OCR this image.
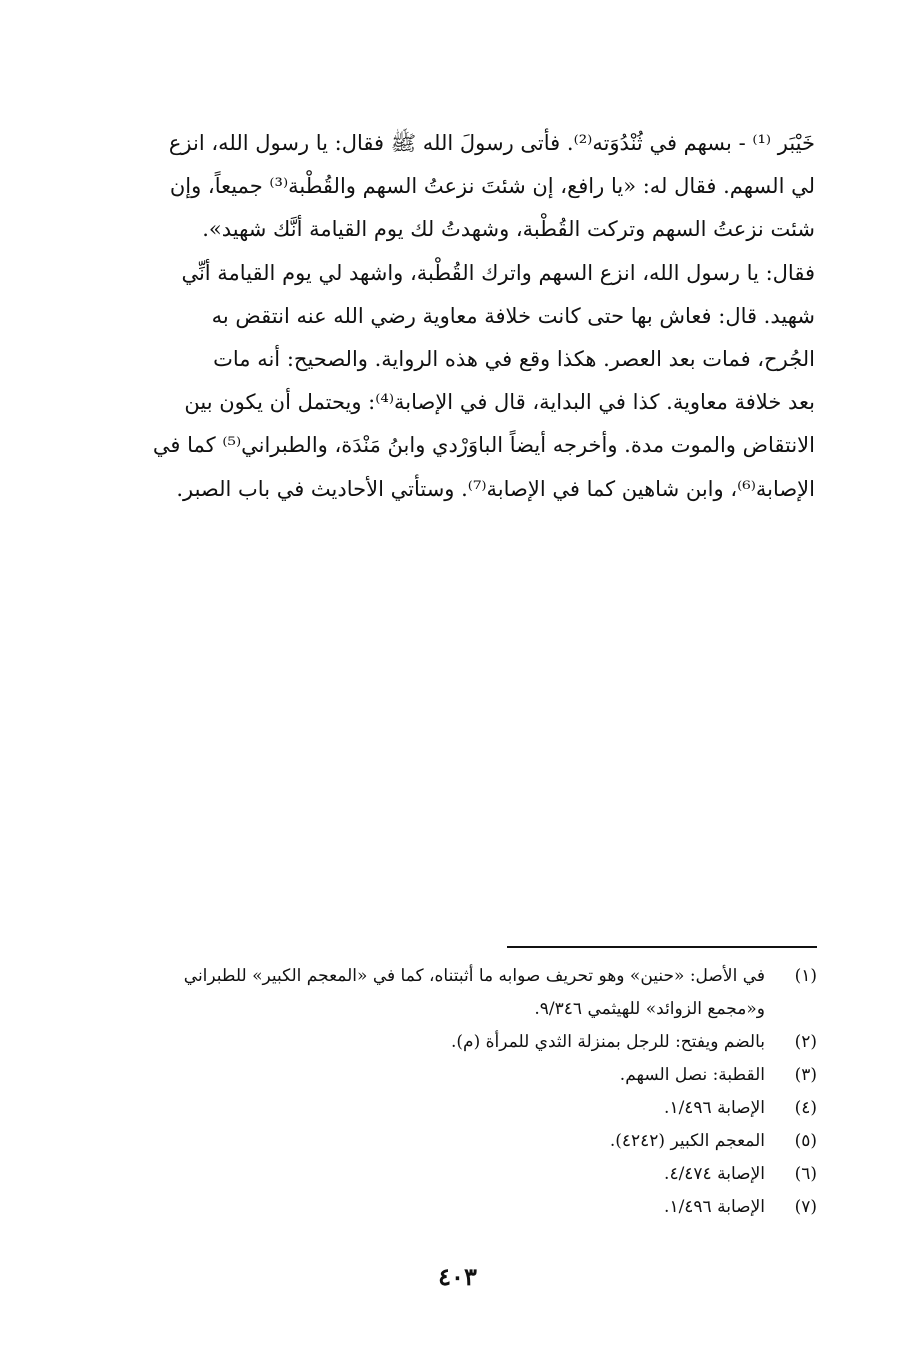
خَيْبَر ⁽¹⁾ - بسهم في ثُنْدُوَته⁽²⁾. فأتى رسولَ الله ﷺ فقال: يا رسول الله، انزع
لي السهم. فقال له: «يا رافع، إن شئتَ نزعتُ السهم والقُطْبة⁽³⁾ جميعاً، وإن
شئت نزعتُ السهم وتركت القُطْبة، وشهدتُ لك يوم القيامة أنَّك شهيد».
فقال: يا رسول الله، انزع السهم واترك القُطْبة، واشهد لي يوم القيامة أنِّي
شهيد. قال: فعاش بها حتى كانت خلافة معاوية رضي الله عنه انتقض به
الجُرح، فمات بعد العصر. هكذا وقع في هذه الرواية. والصحيح: أنه مات
بعد خلافة معاوية. كذا في البداية، قال في الإصابة⁽⁴⁾: ويحتمل أن يكون بين
الانتقاض والموت مدة. وأخرجه أيضاً الباوَرْدي وابنُ مَنْدَة، والطبراني⁽⁵⁾ كما في
الإصابة⁽⁶⁾، وابن شاهين كما في الإصابة⁽⁷⁾. وستأتي الأحاديث في باب الصبر.
(١)
في الأصل: «حنين» وهو تحريف صوابه ما أثبتناه، كما في «المعجم الكبير» للطبراني
و«مجمع الزوائد» للهيثمي ٩/٣٤٦.
(٢)
بالضم ويفتح: للرجل بمنزلة الثدي للمرأة (م).
(٣)
القطبة: نصل السهم.
(٤)
الإصابة ١/٤٩٦.
(٥)
المعجم الكبير (٤٢٤٢).
(٦)
الإصابة ٤/٤٧٤.
(٧)
الإصابة ١/٤٩٦.
٤٠٣
